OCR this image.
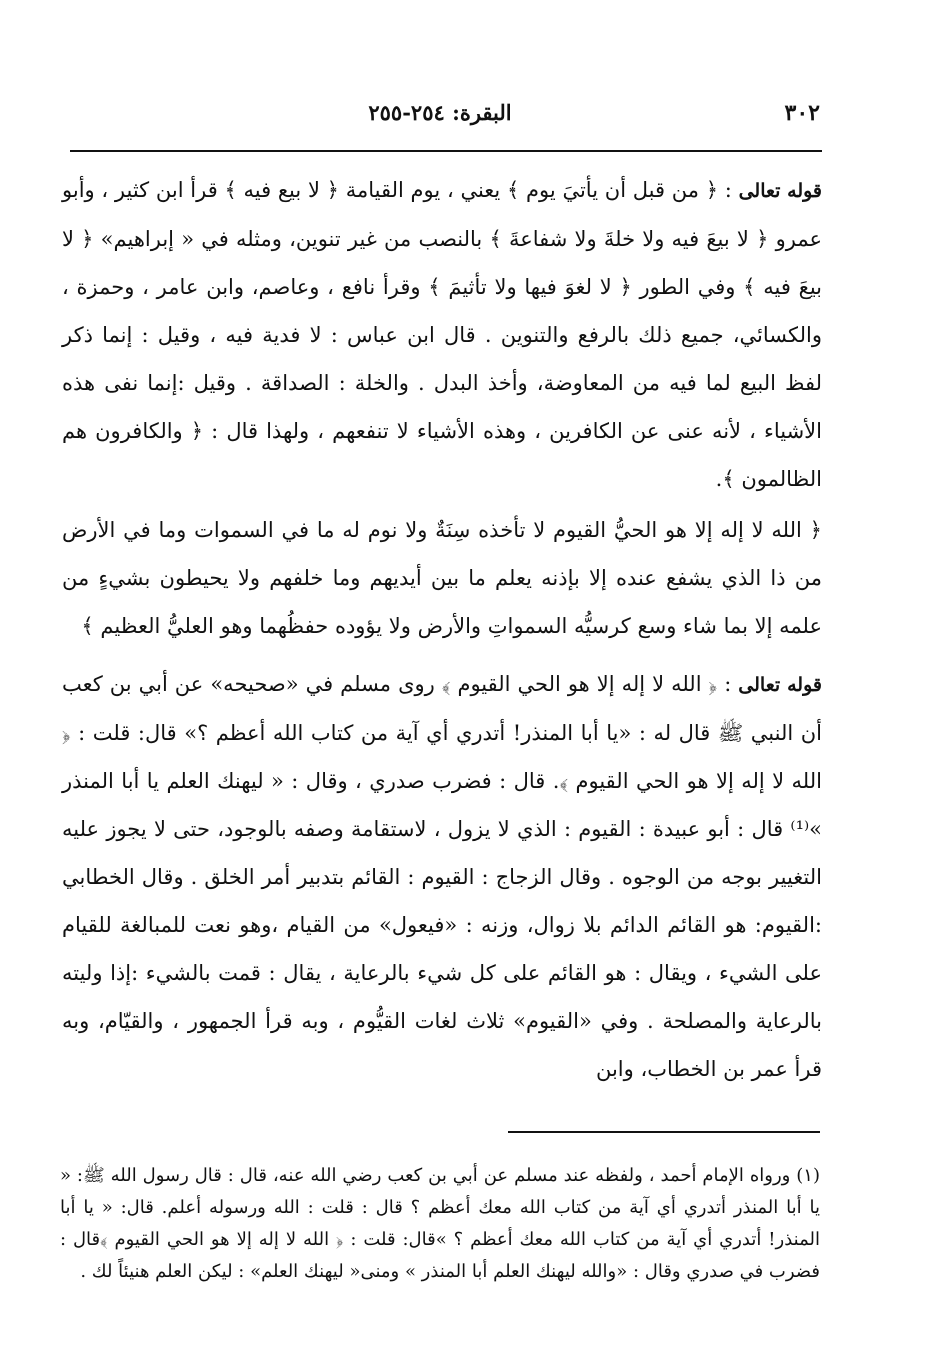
٣٠٢
البقرة: ٢٥٤-٢٥٥

قوله تعالى : ﴿ من قبل أن يأتيَ يوم ﴾ يعني ، يوم القيامة ﴿ لا بيع فيه ﴾ قرأ ابن كثير ، وأبو عمرو ﴿ لا بيعَ فيه ولا خلةَ ولا شفاعةَ ﴾ بالنصب من غير تنوين، ومثله في « إبراهيم» ﴿ لا بيعَ فيه ﴾ وفي الطور ﴿ لا لغوَ فيها ولا تأثيمَ ﴾ وقرأ نافع ، وعاصم، وابن عامر ، وحمزة ، والكسائي، جميع ذلك بالرفع والتنوين . قال ابن عباس : لا فدية فيه ، وقيل : إنما ذكر لفظ البيع لما فيه من المعاوضة، وأخذ البدل . والخلة : الصداقة . وقيل :إنما نفى هذه الأشياء ، لأنه عنى عن الكافرين ، وهذه الأشياء لا تنفعهم ، ولهذا قال : ﴿ والكافرون هم الظالمون ﴾.

﴿ الله لا إله إلا هو الحيُّ القيوم لا تأخذه سِنَةٌ ولا نوم له ما في السموات وما في الأرض من ذا الذي يشفع عنده إلا بإذنه يعلم ما بين أيديهم وما خلفهم ولا يحيطون بشيءٍ من علمه إلا بما شاء وسع كرسيُّه السمواتِ والأرض ولا يؤوده حفظُهما وهو العليُّ العظيم ﴾

قوله تعالى : ﴿ الله لا إله إلا هو الحي القيوم ﴾ روى مسلم في «صحيحه» عن أبي بن كعب أن النبي ﷺ قال له : «يا أبا المنذر! أتدري أي آية من كتاب الله أعظم ؟» قال: قلت : ﴿ الله لا إله إلا هو الحي القيوم ﴾. قال : فضرب صدري ، وقال : « ليهنك العلم يا أبا المنذر »⁽¹⁾ قال : أبو عبيدة : القيوم : الذي لا يزول ، لاستقامة وصفه بالوجود، حتى لا يجوز عليه التغيير بوجه من الوجوه . وقال الزجاج : القيوم : القائم بتدبير أمر الخلق . وقال الخطابي :القيوم: هو القائم الدائم بلا زوال، وزنه : «فيعول» من القيام ،وهو نعت للمبالغة للقيام على الشيء ، ويقال : هو القائم على كل شيء بالرعاية ، يقال : قمت بالشيء :إذا وليته بالرعاية والمصلحة . وفي «القيوم» ثلاث لغات القيُّوم ، وبه قرأ الجمهور ، والقيّام، وبه قرأ عمر بن الخطاب، وابن

(١) ورواه الإمام أحمد ، ولفظه عند مسلم عن أبي بن كعب رضي الله عنه، قال : قال رسول الله ﷺ: « يا أبا المنذر أتدري أي آية من كتاب الله معك أعظم ؟ قال : قلت : الله ورسوله أعلم. قال: « يا أبا المنذر! أتدري أي آية من كتاب الله معك أعظم ؟ »قال: قلت : ﴿ الله لا إله إلا هو الحي القيوم ﴾قال : فضرب في صدري وقال : «والله ليهنك العلم أبا المنذر » ومنى« ليهنك العلم» : ليكن العلم هنيئاً لك .
